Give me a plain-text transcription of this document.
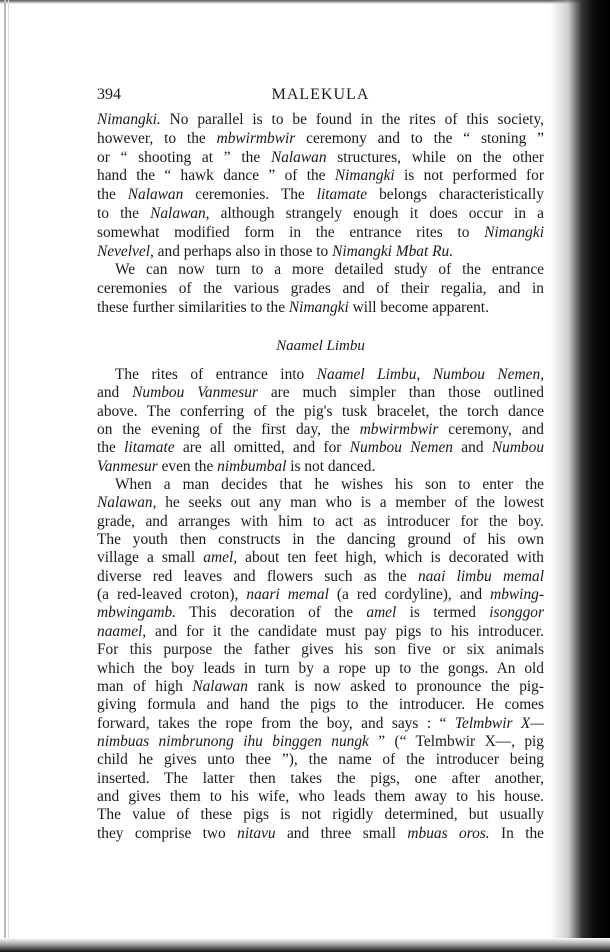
394	MALEKULA
Nimangki. No parallel is to be found in the rites of this society,
however, to the mbwirmbwir ceremony and to the “ stoning ”
or “ shooting at ” the Nalawan structures, while on the other
hand the “ hawk dance ” of the Nimangki is not performed for
the Nalawan ceremonies. The litamate belongs characteristically
to the Nalawan, although strangely enough it does occur in a
somewhat modified form in the entrance rites to Nimangki
Nevelvel, and perhaps also in those to Nimangki Mbat Ru.
We can now turn to a more detailed study of the entrance
ceremonies of the various grades and of their regalia, and in
these further similarities to the Nimangki will become apparent.
Naamel Limbu
The rites of entrance into Naamel Limbu, Numbou Nemen,
and Numbou Vanmesur are much simpler than those outlined
above. The conferring of the pig's tusk bracelet, the torch dance
on the evening of the first day, the mbwirmbwir ceremony, and
the litamate are all omitted, and for Numbou Nemen and Numbou
Vanmesur even the nimbumbal is not danced.
When a man decides that he wishes his son to enter the
Nalawan, he seeks out any man who is a member of the lowest
grade, and arranges with him to act as introducer for the boy.
The youth then constructs in the dancing ground of his own
village a small amel, about ten feet high, which is decorated with
diverse red leaves and flowers such as the naai limbu memal
(a red-leaved croton), naari memal (a red cordyline), and mbwing-
mbwingamb. This decoration of the amel is termed isonggor
naamel, and for it the candidate must pay pigs to his introducer.
For this purpose the father gives his son five or six animals
which the boy leads in turn by a rope up to the gongs. An old
man of high Nalawan rank is now asked to pronounce the pig-
giving formula and hand the pigs to the introducer. He comes
forward, takes the rope from the boy, and says : “ Telmbwir X—
nimbuas nimbrunong ihu binggen nungk ” (“ Telmbwir X—, pig
child he gives unto thee ”), the name of the introducer being
inserted. The latter then takes the pigs, one after another,
and gives them to his wife, who leads them away to his house.
The value of these pigs is not rigidly determined, but usually
they comprise two nitavu and three small mbuas oros. In the
